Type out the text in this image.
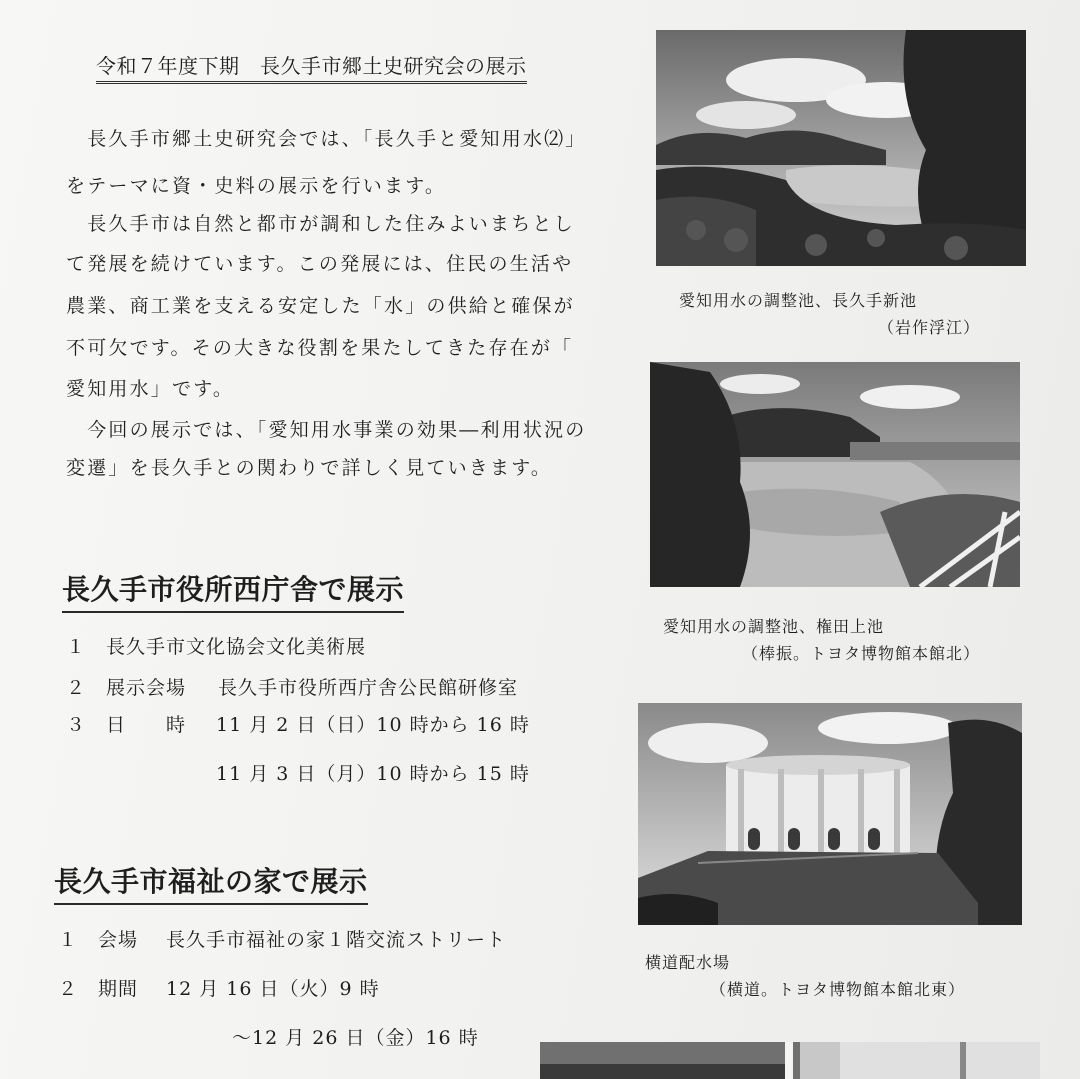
令和７年度下期　長久手市郷土史研究会の展示
　長久手市郷土史研究会では、「長久手と愛知用水⑵」
をテーマに資・史料の展示を行います。
　長久手市は自然と都市が調和した住みよいまちとし
て発展を続けています。この発展には、住民の生活や
農業、商工業を支える安定した「水」の供給と確保が
不可欠です。その大きな役割を果たしてきた存在が「
愛知用水」です。
　今回の展示では、「愛知用水事業の効果―利用状況の
変遷」を長久手との関わりで詳しく見ていきます。
長久手市役所西庁舎で展示
１ 長久手市文化協会文化美術展
２ 展示会場 長久手市役所西庁舎公民館研修室
３ 日　　時 11 月 2 日（日）10 時から 16 時
11 月 3 日（月）10 時から 15 時
長久手市福祉の家で展示
１ 会場 長久手市福祉の家１階交流ストリート
２ 期間 12 月 16 日（火）9 時
～12 月 26 日（金）16 時
愛知用水の調整池、長久手新池
（岩作浮江）
愛知用水の調整池、権田上池
（棒振。トヨタ博物館本館北）
横道配水場
（横道。トヨタ博物館本館北東）
